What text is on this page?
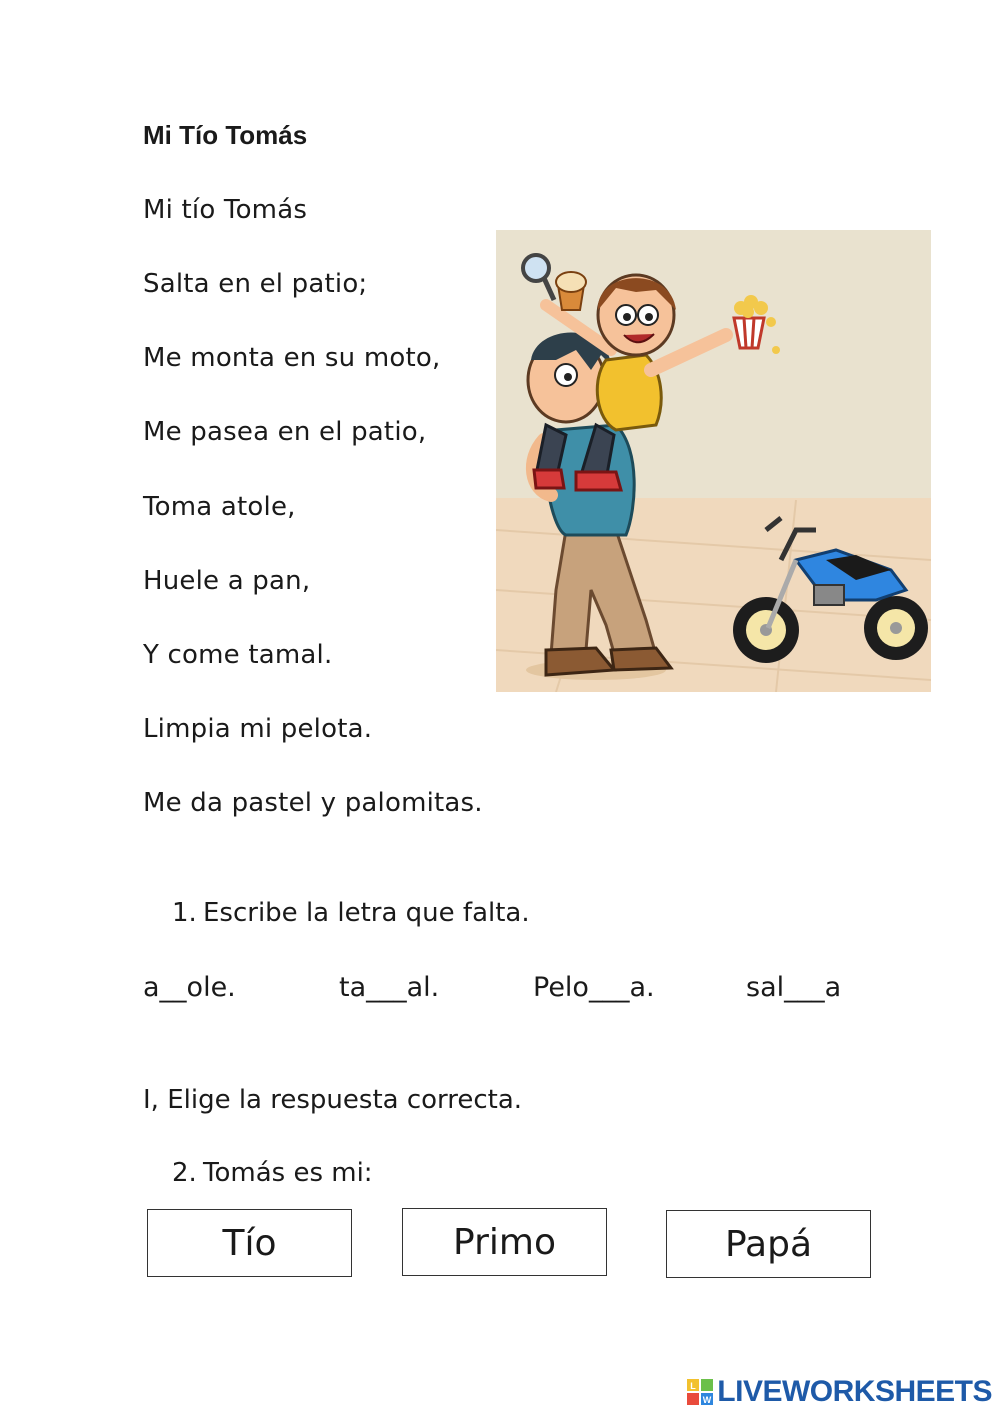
Mi Tío Tomás
Mi tío Tomás
Salta en el patio;
Me monta en su moto,
Me pasea en el patio,
Toma atole,
Huele a pan,
Y come tamal.
Limpia mi pelota.
Me da pastel y palomitas.
1. Escribe la letra que falta.
a__ole.	ta___al.	Pelo___a.	sal___a
I, Elige la respuesta correcta.
2. Tomás es mi:
Tío	Primo	Papá
L
W LIVEWORKSHEETS
